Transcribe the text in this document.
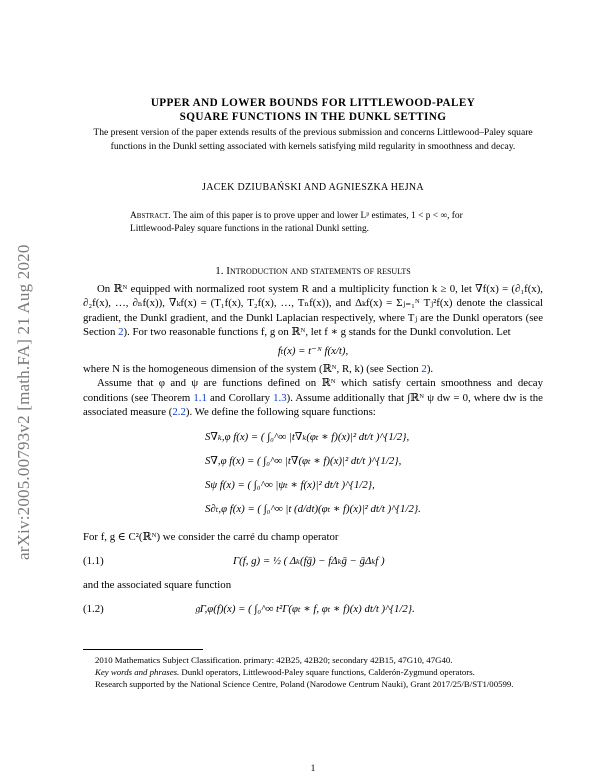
arXiv:2005.00793v2 [math.FA] 21 Aug 2020
UPPER AND LOWER BOUNDS FOR LITTLEWOOD-PALEY
SQUARE FUNCTIONS IN THE DUNKL SETTING
The present version of the paper extends results of the previous submission and concerns Littlewood–Paley square functions in the Dunkl setting associated with kernels satisfying mild regularity in smoothness and decay.
JACEK DZIUBAŃSKI AND AGNIESZKA HEJNA
Abstract. The aim of this paper is to prove upper and lower Lᵖ estimates, 1 < p < ∞, for Littlewood-Paley square functions in the rational Dunkl setting.
1. Introduction and statements of results

On ℝᴺ equipped with normalized root system R and a multiplicity function k ≥ 0, let ∇f(x) = (∂₁f(x), ∂₂f(x), …, ∂ₙf(x)), ∇ₖf(x) = (T₁f(x), T₂f(x), …, Tₙf(x)), and Δₖf(x) = Σⱼ₌₁ᴺ Tⱼ²f(x) denote the classical gradient, the Dunkl gradient, and the Dunkl Laplacian respectively, where Tⱼ are the Dunkl operators (see Section 2). For two reasonable functions f, g on ℝᴺ, let f ∗ g stands for the Dunkl convolution. Let

fₜ(x) = t⁻ᴺ f(x/t),

where N is the homogeneous dimension of the system (ℝᴺ, R, k) (see Section 2).

Assume that φ and ψ are functions defined on ℝᴺ which satisfy certain smoothness and decay conditions (see Theorem 1.1 and Corollary 1.3). Assume additionally that ∫ℝᴺ ψ dw = 0, where dw is the associated measure (2.2). We define the following square functions:

S∇ₖ,φ f(x) = ( ∫₀^∞ |t∇ₖ(φₜ ∗ f)(x)|² dt/t )^{1/2},
S∇,φ f(x) = ( ∫₀^∞ |t∇(φₜ ∗ f)(x)|² dt/t )^{1/2},
Sψ f(x) = ( ∫₀^∞ |ψₜ ∗ f(x)|² dt/t )^{1/2},
S∂ₜ,φ f(x) = ( ∫₀^∞ |t (d/dt)(φₜ ∗ f)(x)|² dt/t )^{1/2}.

For f, g ∈ C²(ℝᴺ) we consider the carré du champ operator

(1.1)	Γ(f, g) = ½ ( Δₖ(fḡ) − fΔₖḡ − ḡΔₖf )

and the associated square function

(1.2)	𝔤Γ,φ(f)(x) = ( ∫₀^∞ t²Γ(φₜ ∗ f, φₜ ∗ f)(x) dt/t )^{1/2}.

2010 Mathematics Subject Classification. primary: 42B25, 42B20; secondary 42B15, 47G10, 47G40.

Key words and phrases. Dunkl operators, Littlewood-Paley square functions, Calderón-Zygmund operators.

Research supported by the National Science Centre, Poland (Narodowe Centrum Nauki), Grant 2017/25/B/ST1/00599.

1
